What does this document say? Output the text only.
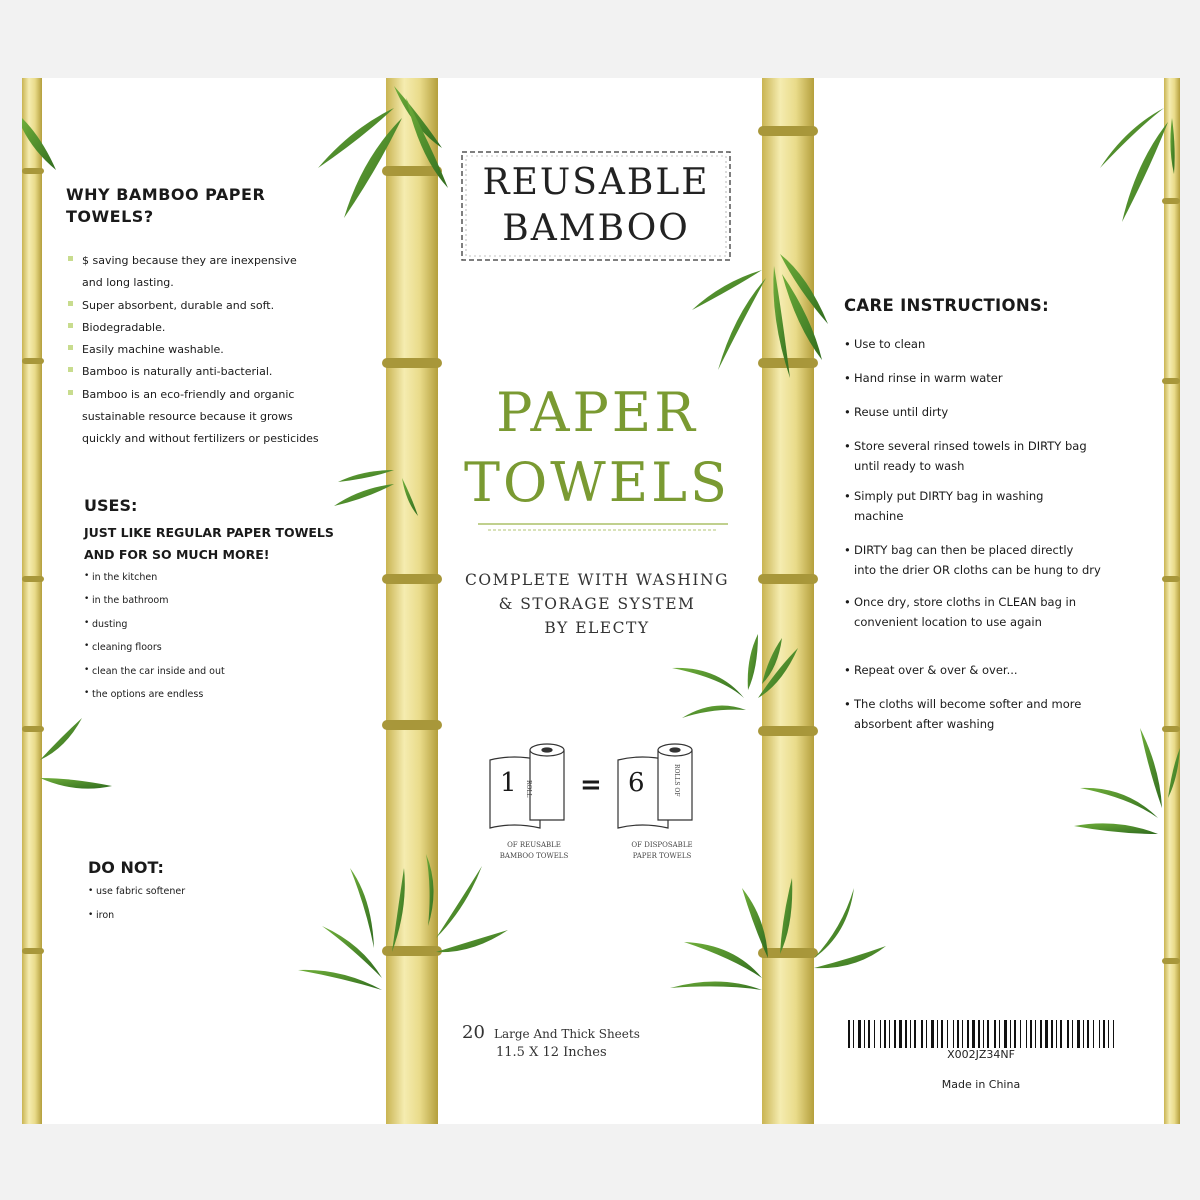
WHY BAMBOO PAPER
TOWELS?
$ saving because they are inexpensive
and long lasting.
Super absorbent, durable and soft.
Biodegradable.
Easily machine washable.
Bamboo is naturally anti-bacterial.
Bamboo is an eco-friendly and organic
sustainable resource because it grows
quickly and without fertilizers or pesticides
USES:
JUST LIKE REGULAR PAPER TOWELS
AND FOR SO MUCH MORE!
• in the kitchen
• in the bathroom
• dusting
• cleaning floors
• clean the car inside and out
• the options are endless
DO NOT:
• use fabric softener
• iron
REUSABLE
BAMBOO
PAPER
TOWELS
COMPLETE WITH WASHING
& STORAGE SYSTEM
BY ELECTY
1 ROLL = 6	ROLLS OF
OF REUSABLE
BAMBOO TOWELS
OF DISPOSABLE
PAPER TOWELS
20 Large And Thick Sheets
11.5 X 12 Inches
CARE INSTRUCTIONS:
• Use to clean
• Hand rinse in warm water
• Reuse until dirty
• Store several rinsed towels in DIRTY bag
until ready to wash
• Simply put DIRTY bag in washing
machine
• DIRTY bag can then be placed directly
into the drier OR cloths can be hung to dry
• Once dry, store cloths in CLEAN bag in
convenient location to use again
• Repeat over & over & over...
• The cloths will become softer and more
absorbent after washing
X002JZ34NF
Made in China
